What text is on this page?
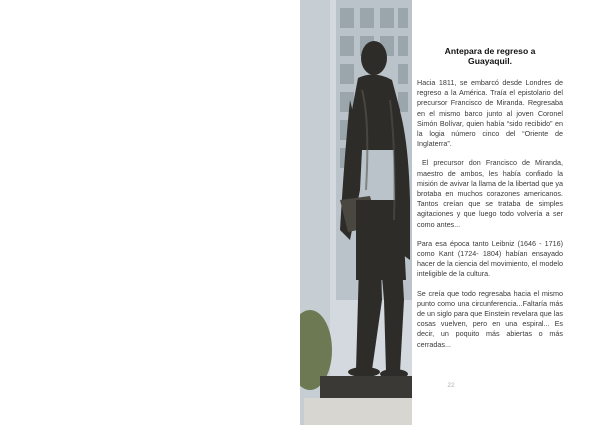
Antepara de regreso a
Guayaquil.

Hacia 1811, se embarcó desde Londres de regreso a la América. Traía el epistolario del precursor Francisco de Miranda. Regresaba en el mismo barco junto al joven Coronel Simón Bolívar, quien había “sido recibido” en la logia número cinco del “Oriente de Inglaterra”.

El precursor don Francisco de Miranda, maestro de ambos, les había confiado la misión de avivar la llama de la libertad que ya brotaba en muchos corazones americanos. Tantos creían que se trataba de simples agitaciones y que luego todo volvería a ser como antes...

Para esa época tanto Leibniz (1646 - 1716) como Kant (1724- 1804) habían ensayado hacer de la ciencia del movimiento, el modelo inteligible de la cultura.

Se creía que todo regresaba hacia el mismo punto como una circunferencia...Faltaría más de un siglo para que Einstein revelara que las cosas vuelven, pero en una espiral... Es decir, un poquito más abiertas o más cerradas...

22
